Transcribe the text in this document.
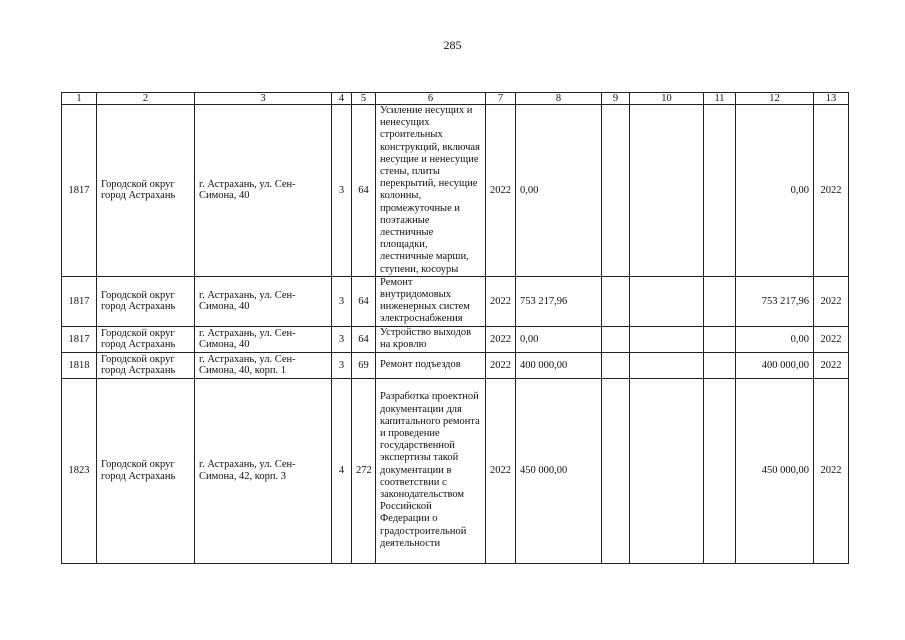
285
1	2	3	4	5	6	7	8	9	10	11	12	13
1817	Городской округ город Астрахань	г. Астрахань, ул. Сен-Симона, 40	3	64	Усиление несущих и ненесущих строительных конструкций, включая несущие и ненесущие стены, плиты перекрытий, несущие колонны, промежуточные и поэтажные лестничные площадки, лестничные марши, ступени, косоуры	2022	0,00				0,00	2022
1817	Городской округ город Астрахань	г. Астрахань, ул. Сен-Симона, 40	3	64	Ремонт внутридомовых инженерных систем электроснабжения	2022	753 217,96				753 217,96	2022
1817	Городской округ город Астрахань	г. Астрахань, ул. Сен-Симона, 40	3	64	Устройство выходов на кровлю	2022	0,00				0,00	2022
1818	Городской округ город Астрахань	г. Астрахань, ул. Сен-Симона, 40, корп. 1	3	69	Ремонт подъездов	2022	400 000,00				400 000,00	2022
1823	Городской округ город Астрахань	г. Астрахань, ул. Сен-Симона, 42, корп. 3	4	272	Разработка проектной документации для капитального ремонта и проведение государственной экспертизы такой документации в соответствии с законодательством Российской Федерации о градостроительной деятельности	2022	450 000,00				450 000,00	2022
